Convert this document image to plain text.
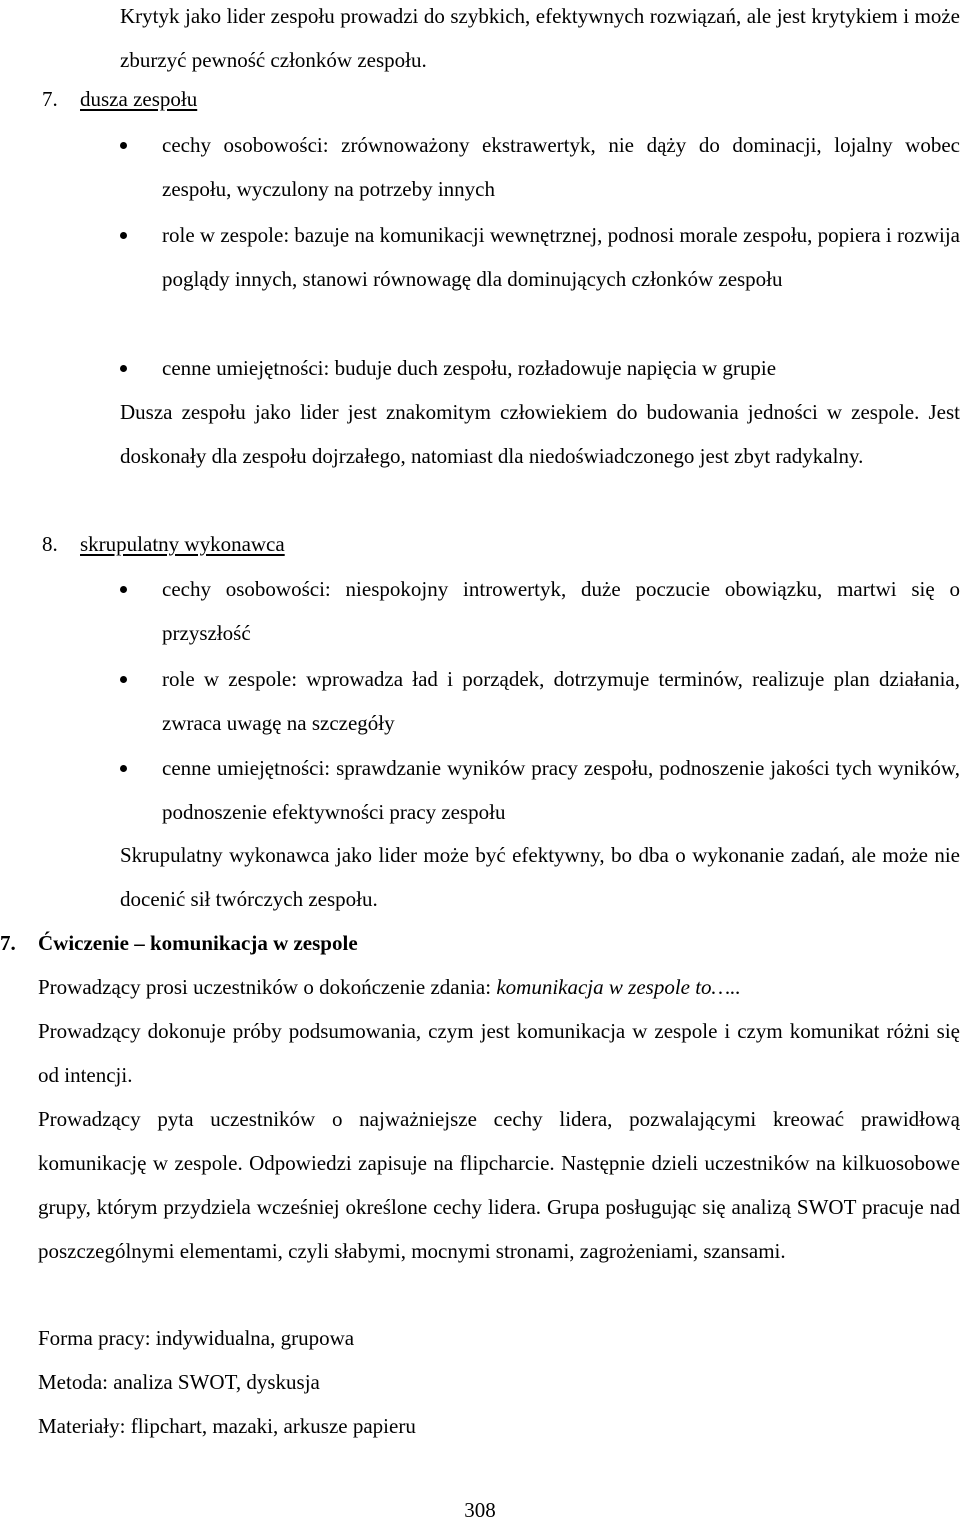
Krytyk jako lider zespołu prowadzi do szybkich, efektywnych rozwiązań, ale jest krytykiem i może zburzyć pewność członków zespołu.

7. dusza zespołu
cechy osobowości: zrównoważony ekstrawertyk, nie dąży do dominacji, lojalny wobec zespołu, wyczulony na potrzeby innych
role w zespole: bazuje na komunikacji wewnętrznej, podnosi morale zespołu, popiera i rozwija poglądy innych, stanowi równowagę dla dominujących członków zespołu
cenne umiejętności: buduje duch zespołu, rozładowuje napięcia w grupie

Dusza zespołu jako lider jest znakomitym człowiekiem do budowania jedności w zespole. Jest doskonały dla zespołu dojrzałego, natomiast dla niedoświadczonego jest zbyt radykalny.

8. skrupulatny wykonawca
cechy osobowości: niespokojny introwertyk, duże poczucie obowiązku, martwi się o przyszłość
role w zespole: wprowadza ład i porządek, dotrzymuje terminów, realizuje plan działania, zwraca uwagę na szczegóły
cenne umiejętności: sprawdzanie wyników pracy zespołu, podnoszenie jakości tych wyników, podnoszenie efektywności pracy zespołu

Skrupulatny wykonawca jako lider może być efektywny, bo dba o wykonanie zadań, ale może nie docenić sił twórczych zespołu.

7. Ćwiczenie – komunikacja w zespole

Prowadzący prosi uczestników o dokończenie zdania: komunikacja w zespole to…..

Prowadzący dokonuje próby podsumowania, czym jest komunikacja w zespole i czym komunikat różni się od intencji.

Prowadzący pyta uczestników o najważniejsze cechy lidera, pozwalającymi kreować prawidłową komunikację w zespole. Odpowiedzi zapisuje na flipcharcie. Następnie dzieli uczestników na kilkuosobowe grupy, którym przydziela wcześniej określone cechy lidera. Grupa posługując się analizą SWOT pracuje nad poszczególnymi elementami, czyli słabymi, mocnymi stronami, zagrożeniami, szansami.

Forma pracy: indywidualna, grupowa

Metoda: analiza SWOT, dyskusja

Materiały: flipchart, mazaki, arkusze papieru

308
